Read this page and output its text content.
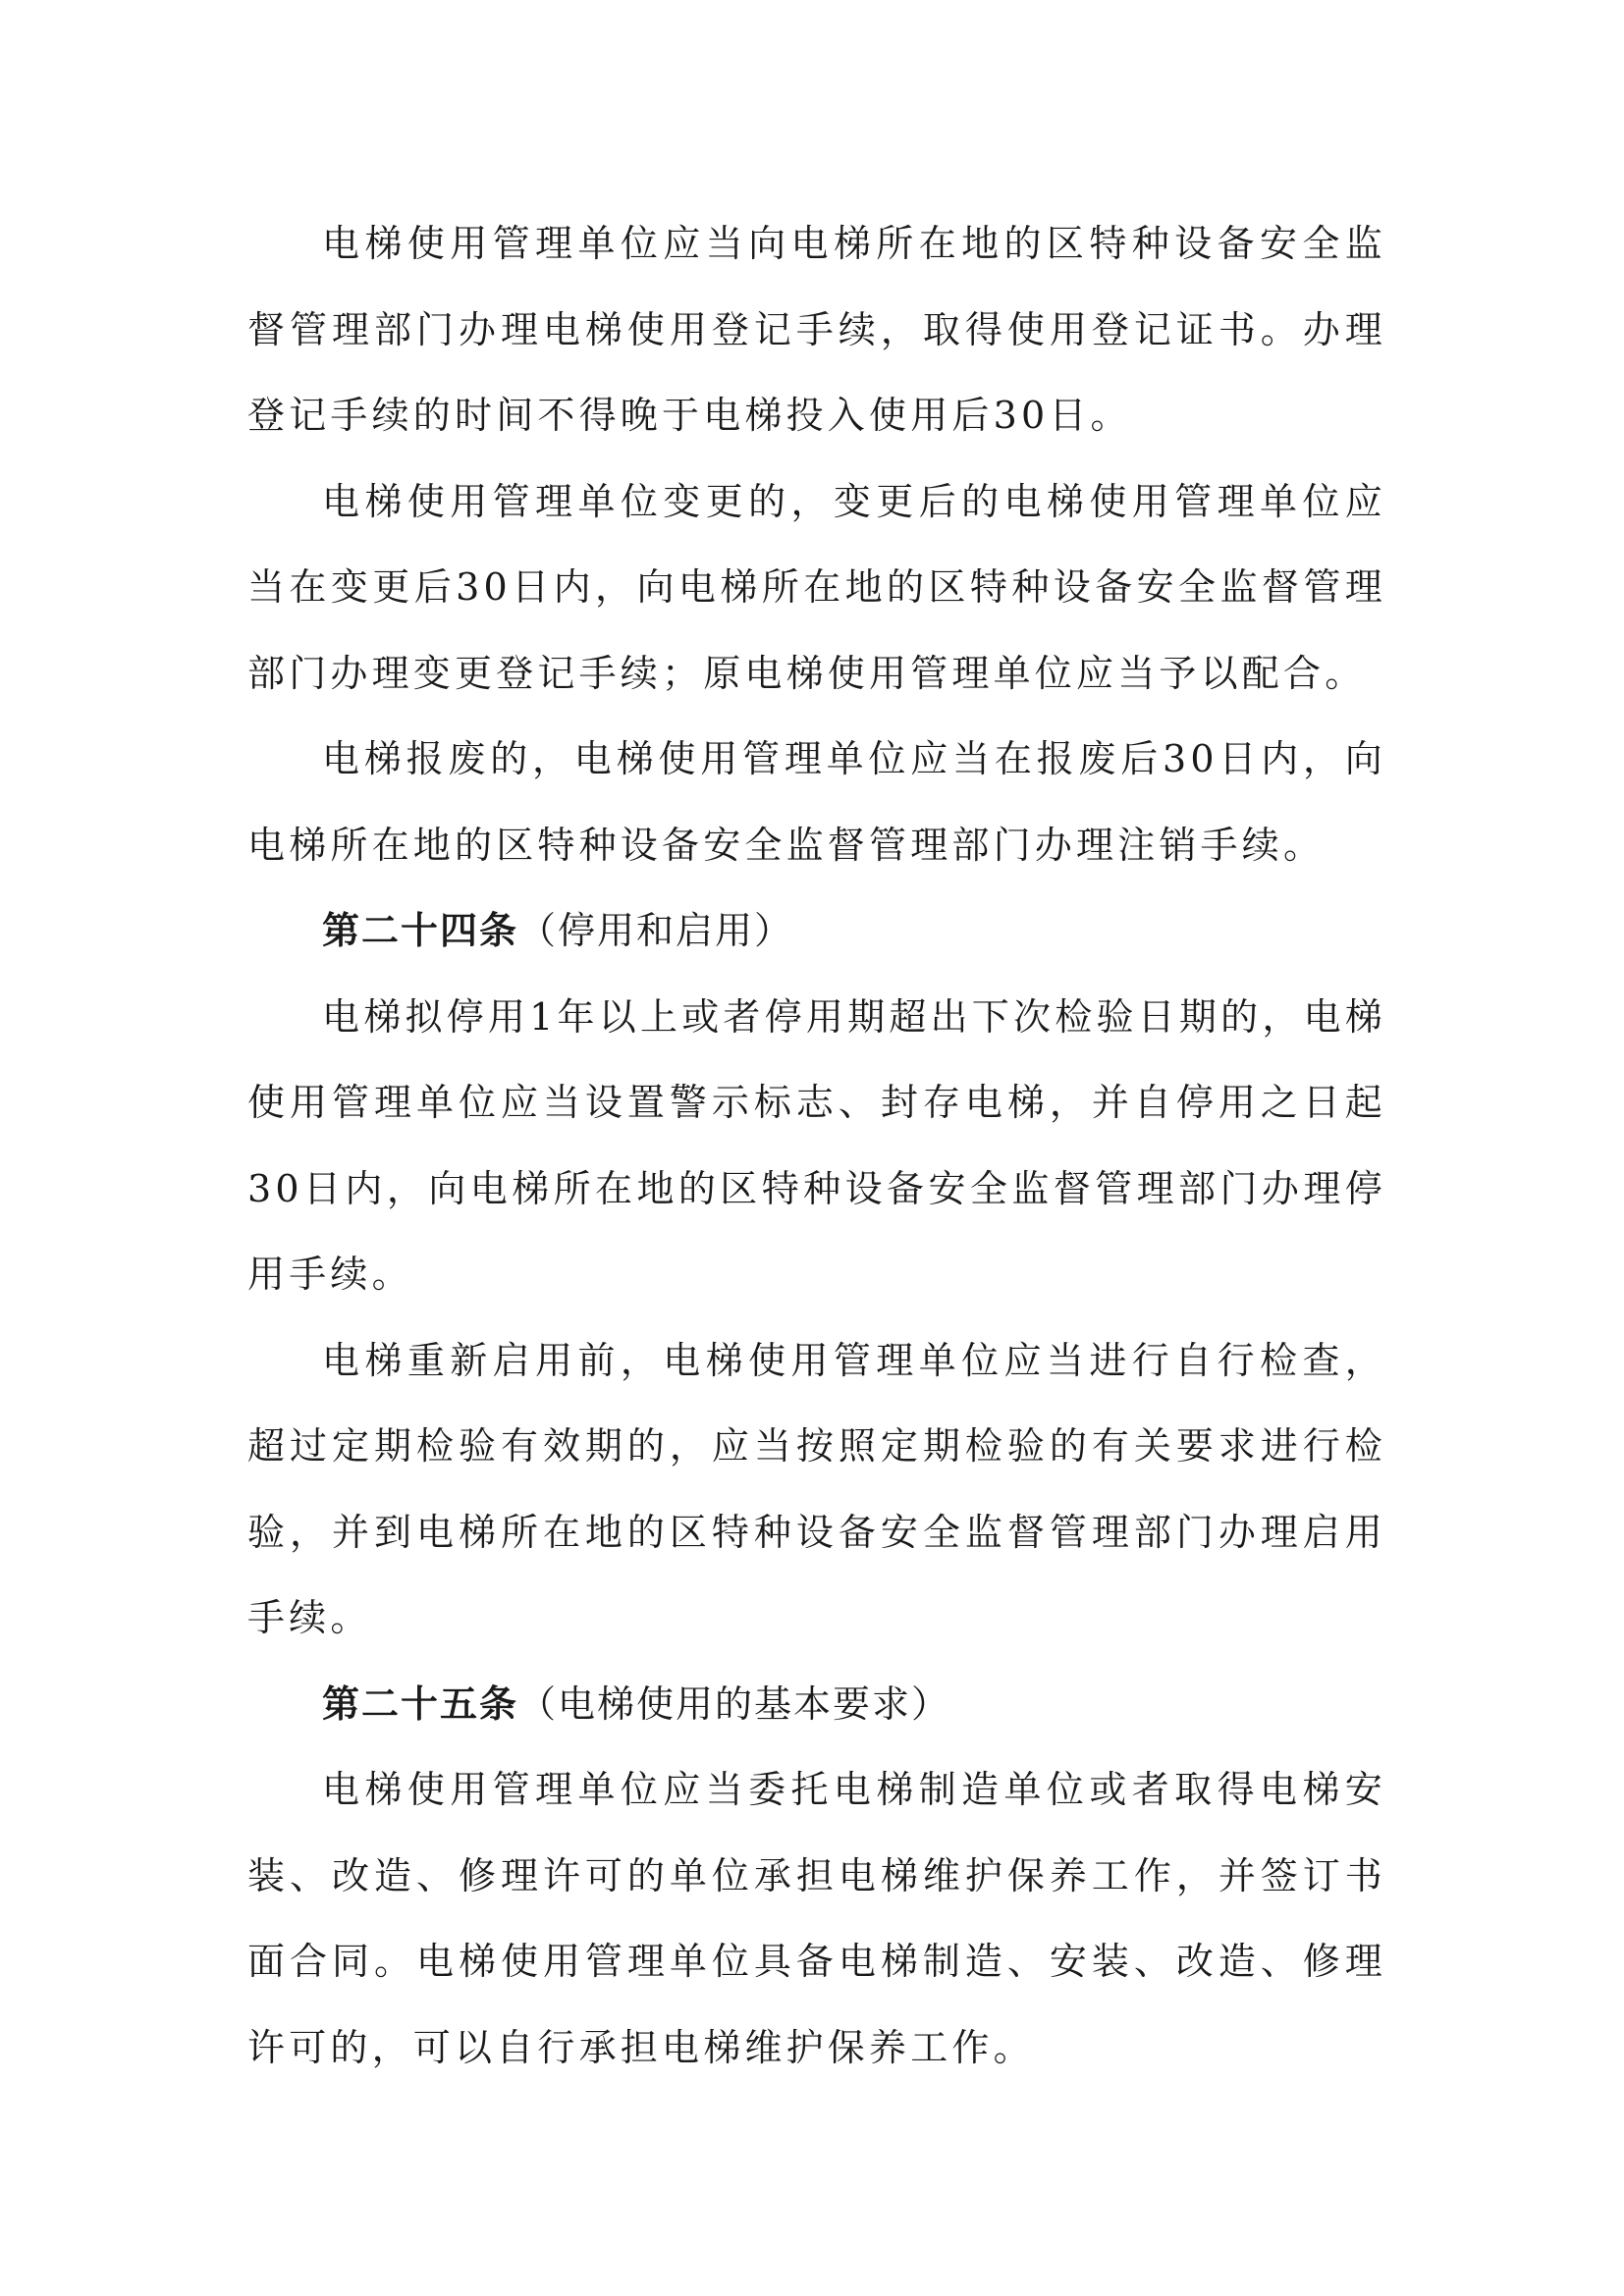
电梯使用管理单位应当向电梯所在地的区特种设备安全监督管理部门办理电梯使用登记手续，取得使用登记证书。办理登记手续的时间不得晚于电梯投入使用后30日。

电梯使用管理单位变更的，变更后的电梯使用管理单位应当在变更后30日内，向电梯所在地的区特种设备安全监督管理部门办理变更登记手续；原电梯使用管理单位应当予以配合。

电梯报废的，电梯使用管理单位应当在报废后30日内，向电梯所在地的区特种设备安全监督管理部门办理注销手续。

第二十四条（停用和启用）

电梯拟停用1年以上或者停用期超出下次检验日期的，电梯使用管理单位应当设置警示标志、封存电梯，并自停用之日起30日内，向电梯所在地的区特种设备安全监督管理部门办理停用手续。

电梯重新启用前，电梯使用管理单位应当进行自行检查，超过定期检验有效期的，应当按照定期检验的有关要求进行检验，并到电梯所在地的区特种设备安全监督管理部门办理启用手续。

第二十五条（电梯使用的基本要求）

电梯使用管理单位应当委托电梯制造单位或者取得电梯安装、改造、修理许可的单位承担电梯维护保养工作，并签订书面合同。电梯使用管理单位具备电梯制造、安装、改造、修理许可的，可以自行承担电梯维护保养工作。
